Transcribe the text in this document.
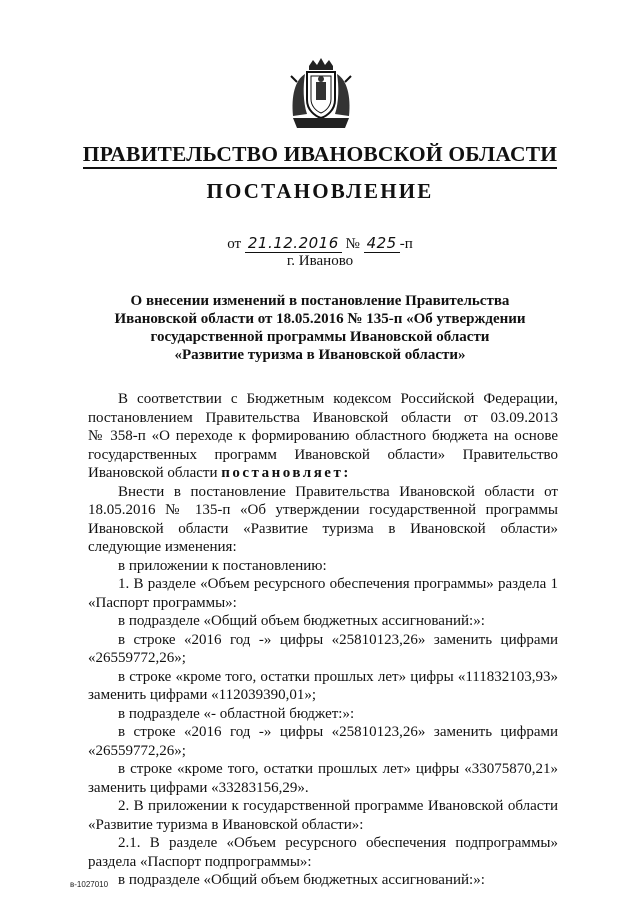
ПРАВИТЕЛЬСТВО ИВАНОВСКОЙ ОБЛАСТИ
ПОСТАНОВЛЕНИЕ
от 21.12.2016 № 425 -п
г. Иваново
О внесении изменений в постановление Правительства
Ивановской области от 18.05.2016 № 135-п «Об утверждении
государственной программы Ивановской области
«Развитие туризма в Ивановской области»
В соответствии с Бюджетным кодексом Российской Федерации,
постановлением Правительства Ивановской области от 03.09.2013
№ 358-п «О переходе к формированию областного бюджета на основе
государственных программ Ивановской области» Правительство
Ивановской области постановляет:
Внести в постановление Правительства Ивановской области от
18.05.2016 № 135-п «Об утверждении государственной программы
Ивановской области «Развитие туризма в Ивановской области»
следующие изменения:
в приложении к постановлению:
1. В разделе «Объем ресурсного обеспечения программы» раздела 1
«Паспорт программы»:
в подразделе «Общий объем бюджетных ассигнований:»:
в строке «2016 год -» цифры «25810123,26» заменить цифрами
«26559772,26»;
в строке «кроме того, остатки прошлых лет» цифры «111832103,93»
заменить цифрами «112039390,01»;
в подразделе «- областной бюджет:»:
в строке «2016 год -» цифры «25810123,26» заменить цифрами
«26559772,26»;
в строке «кроме того, остатки прошлых лет» цифры «33075870,21»
заменить цифрами «33283156,29».
2. В приложении к государственной программе Ивановской области
«Развитие туризма в Ивановской области»:
2.1. В разделе «Объем ресурсного обеспечения подпрограммы»
раздела «Паспорт подпрограммы»:
в подразделе «Общий объем бюджетных ассигнований:»:
в-1027010
